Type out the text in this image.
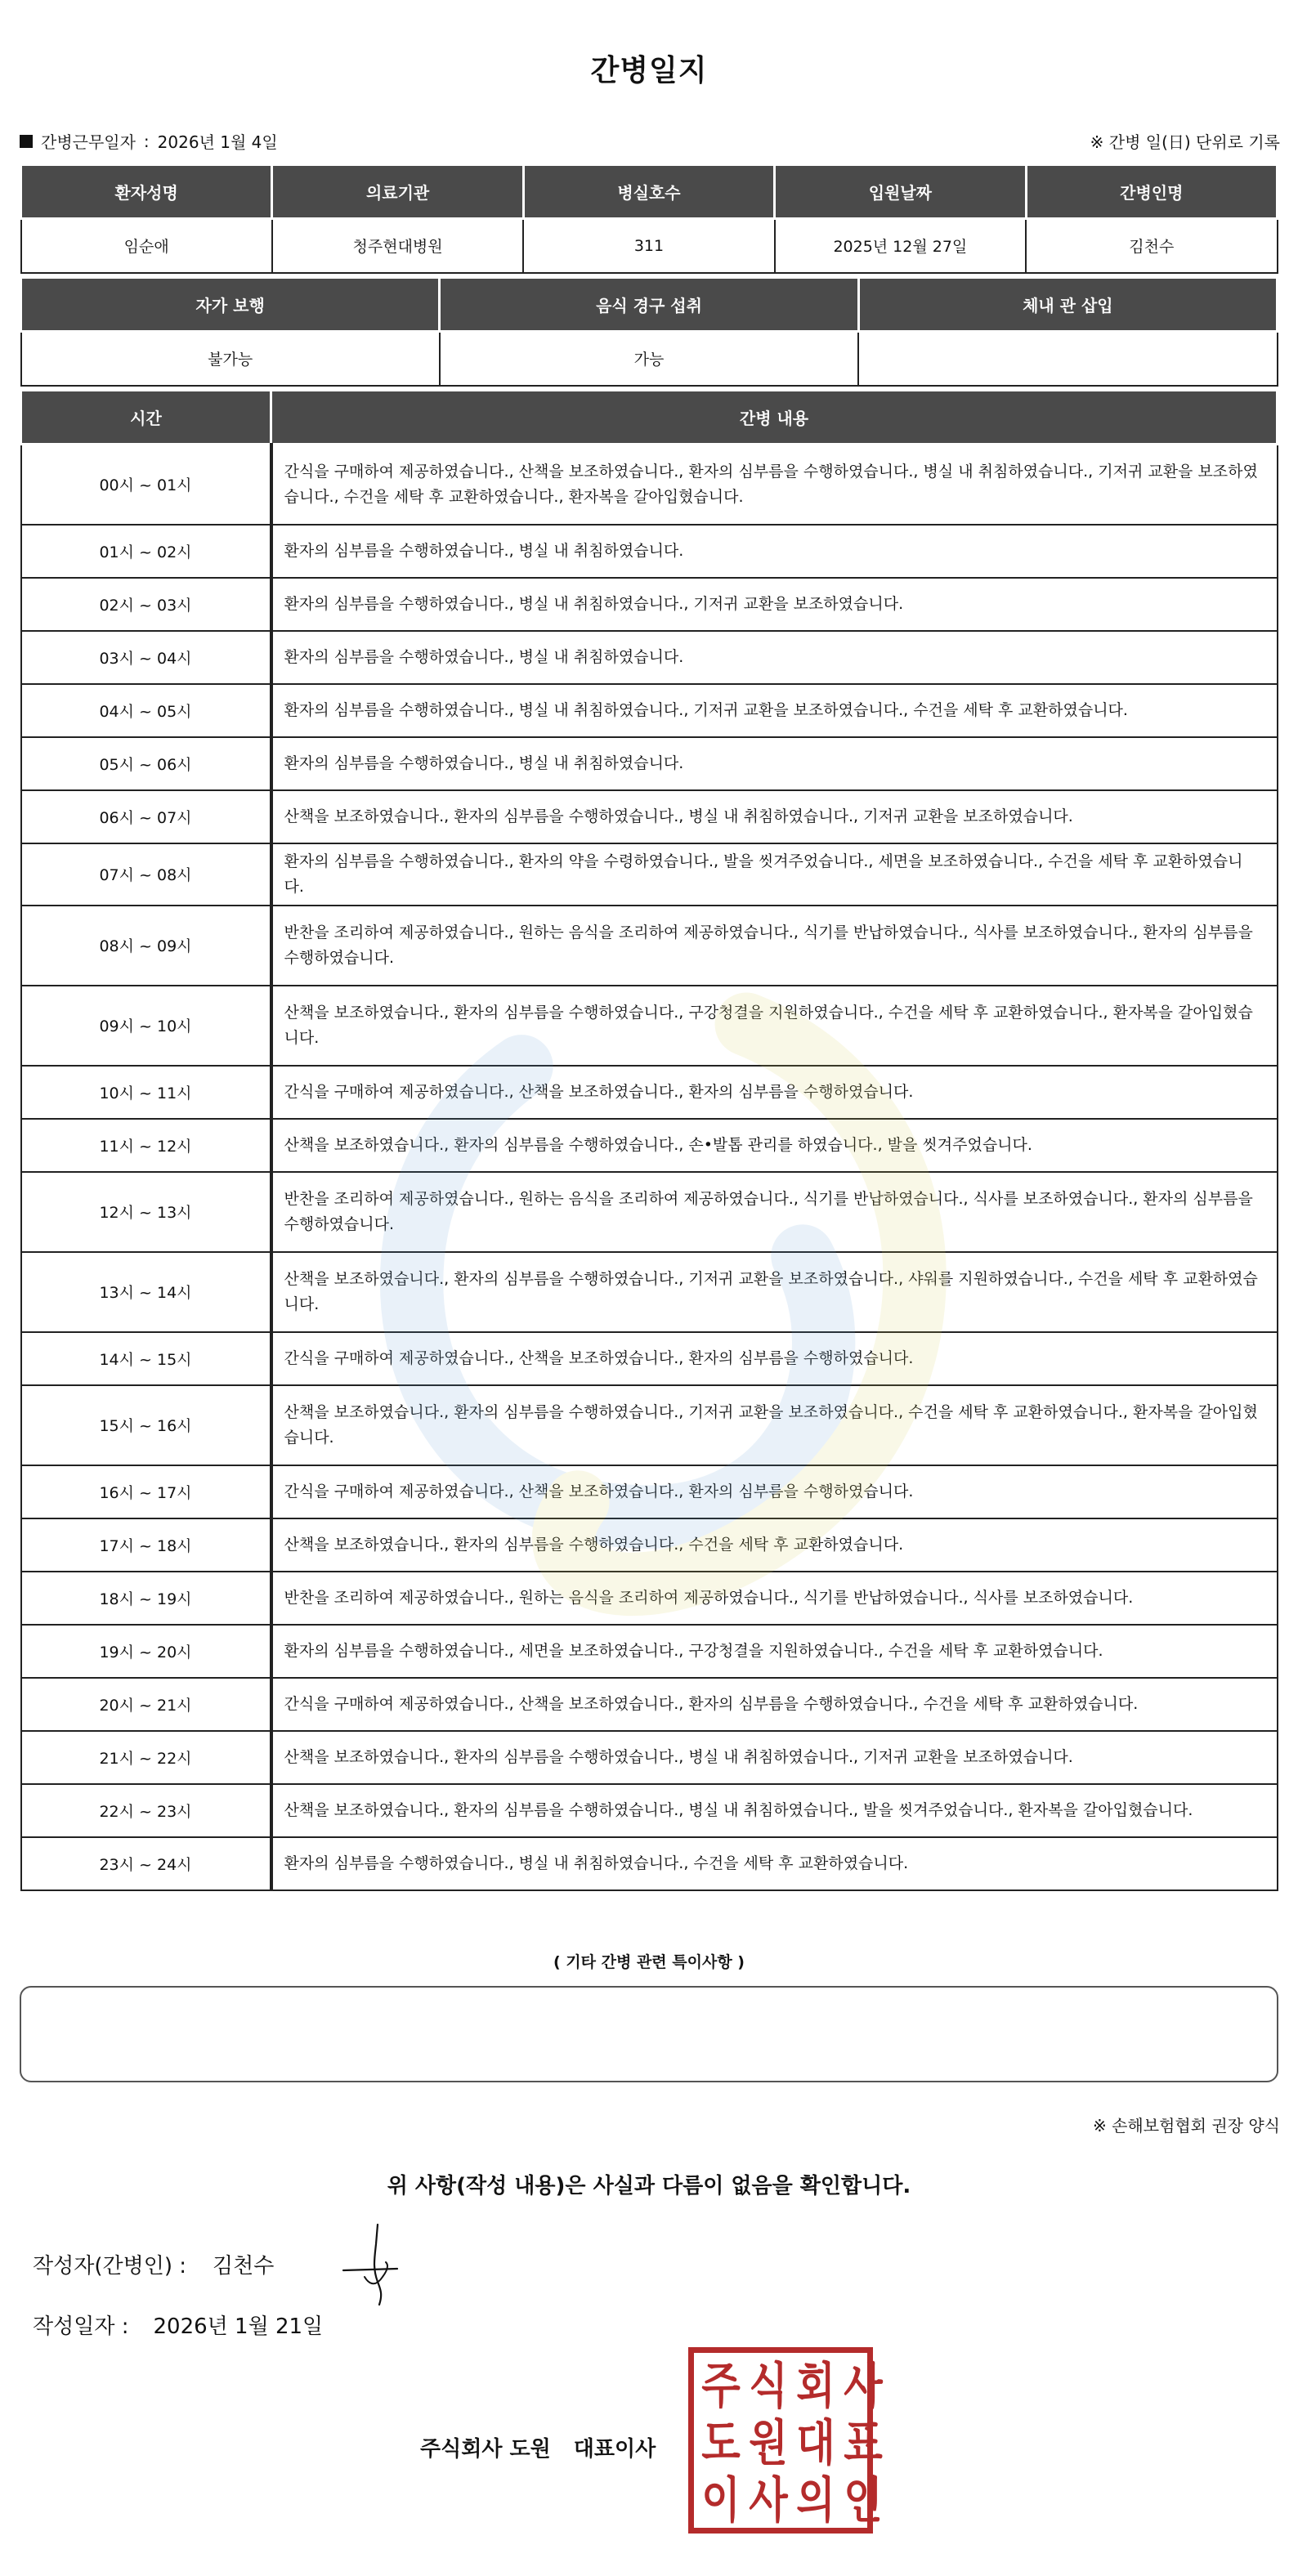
간병일지
간병근무일자 : 2026년 1월 4일	※ 간병 일(日) 단위로 기록
환자성명	의료기관	병실호수	입원날짜	간병인명
임순애	청주현대병원	311	2025년 12월 27일	김천수
자가 보행	음식 경구 섭취	체내 관 삽입
불가능	가능	
시간	간병 내용
00시 ~ 01시	간식을 구매하여 제공하였습니다., 산책을 보조하였습니다., 환자의 심부름을 수행하였습니다., 병실 내 취침하였습니다., 기저귀 교환을 보조하였습니다., 수건을 세탁 후 교환하였습니다., 환자복을 갈아입혔습니다.
01시 ~ 02시	환자의 심부름을 수행하였습니다., 병실 내 취침하였습니다.
02시 ~ 03시	환자의 심부름을 수행하였습니다., 병실 내 취침하였습니다., 기저귀 교환을 보조하였습니다.
03시 ~ 04시	환자의 심부름을 수행하였습니다., 병실 내 취침하였습니다.
04시 ~ 05시	환자의 심부름을 수행하였습니다., 병실 내 취침하였습니다., 기저귀 교환을 보조하였습니다., 수건을 세탁 후 교환하였습니다.
05시 ~ 06시	환자의 심부름을 수행하였습니다., 병실 내 취침하였습니다.
06시 ~ 07시	산책을 보조하였습니다., 환자의 심부름을 수행하였습니다., 병실 내 취침하였습니다., 기저귀 교환을 보조하였습니다.
07시 ~ 08시	환자의 심부름을 수행하였습니다., 환자의 약을 수령하였습니다., 발을 씻겨주었습니다., 세면을 보조하였습니다., 수건을 세탁 후 교환하였습니다.
08시 ~ 09시	반찬을 조리하여 제공하였습니다., 원하는 음식을 조리하여 제공하였습니다., 식기를 반납하였습니다., 식사를 보조하였습니다., 환자의 심부름을 수행하였습니다.
09시 ~ 10시	산책을 보조하였습니다., 환자의 심부름을 수행하였습니다., 구강청결을 지원하였습니다., 수건을 세탁 후 교환하였습니다., 환자복을 갈아입혔습니다.
10시 ~ 11시	간식을 구매하여 제공하였습니다., 산책을 보조하였습니다., 환자의 심부름을 수행하였습니다.
11시 ~ 12시	산책을 보조하였습니다., 환자의 심부름을 수행하였습니다., 손•발톱 관리를 하였습니다., 발을 씻겨주었습니다.
12시 ~ 13시	반찬을 조리하여 제공하였습니다., 원하는 음식을 조리하여 제공하였습니다., 식기를 반납하였습니다., 식사를 보조하였습니다., 환자의 심부름을 수행하였습니다.
13시 ~ 14시	산책을 보조하였습니다., 환자의 심부름을 수행하였습니다., 기저귀 교환을 보조하였습니다., 샤워를 지원하였습니다., 수건을 세탁 후 교환하였습니다.
14시 ~ 15시	간식을 구매하여 제공하였습니다., 산책을 보조하였습니다., 환자의 심부름을 수행하였습니다.
15시 ~ 16시	산책을 보조하였습니다., 환자의 심부름을 수행하였습니다., 기저귀 교환을 보조하였습니다., 수건을 세탁 후 교환하였습니다., 환자복을 갈아입혔습니다.
16시 ~ 17시	간식을 구매하여 제공하였습니다., 산책을 보조하였습니다., 환자의 심부름을 수행하였습니다.
17시 ~ 18시	산책을 보조하였습니다., 환자의 심부름을 수행하였습니다., 수건을 세탁 후 교환하였습니다.
18시 ~ 19시	반찬을 조리하여 제공하였습니다., 원하는 음식을 조리하여 제공하였습니다., 식기를 반납하였습니다., 식사를 보조하였습니다.
19시 ~ 20시	환자의 심부름을 수행하였습니다., 세면을 보조하였습니다., 구강청결을 지원하였습니다., 수건을 세탁 후 교환하였습니다.
20시 ~ 21시	간식을 구매하여 제공하였습니다., 산책을 보조하였습니다., 환자의 심부름을 수행하였습니다., 수건을 세탁 후 교환하였습니다.
21시 ~ 22시	산책을 보조하였습니다., 환자의 심부름을 수행하였습니다., 병실 내 취침하였습니다., 기저귀 교환을 보조하였습니다.
22시 ~ 23시	산책을 보조하였습니다., 환자의 심부름을 수행하였습니다., 병실 내 취침하였습니다., 발을 씻겨주었습니다., 환자복을 갈아입혔습니다.
23시 ~ 24시	환자의 심부름을 수행하였습니다., 병실 내 취침하였습니다., 수건을 세탁 후 교환하였습니다.
( 기타 간병 관련 특이사항 )
※ 손해보험협회 권장 양식
위 사항(작성 내용)은 사실과 다름이 없음을 확인합니다.
작성자(간병인) : 김천수
작성일자 : 2026년 1월 21일
주식회사 도원 대표이사
주 식 회 사
도 원 대 표
이 사 의 인
